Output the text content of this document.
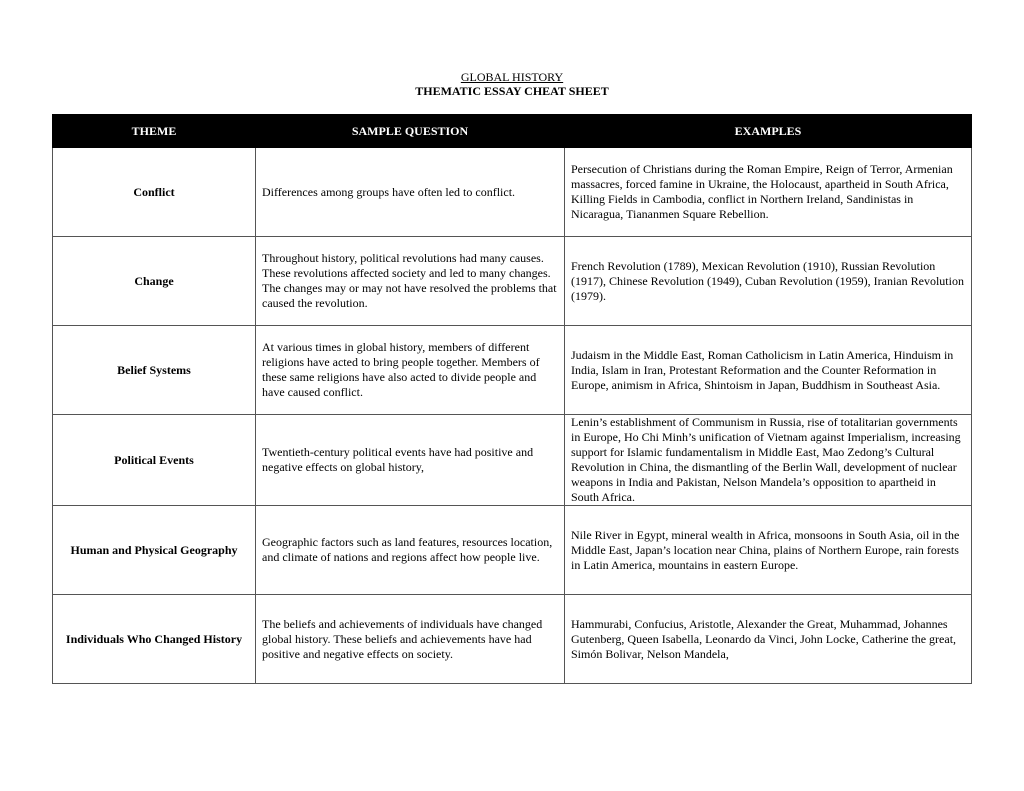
GLOBAL HISTORY
THEMATIC ESSAY CHEAT SHEET
THEME	SAMPLE QUESTION	EXAMPLES
Conflict	Differences among groups have often led to conflict.	Persecution of Christians during the Roman Empire, Reign of Terror, Armenian massacres, forced famine in Ukraine, the Holocaust, apartheid in South Africa, Killing Fields in Cambodia, conflict in Northern Ireland, Sandinistas in Nicaragua, Tiananmen Square Rebellion.
Change	Throughout history, political revolutions had many causes. These revolutions affected society and led to many changes. The changes may or may not have resolved the problems that caused the revolution.	French Revolution (1789), Mexican Revolution (1910), Russian Revolution (1917), Chinese Revolution (1949), Cuban Revolution (1959), Iranian Revolution (1979).
Belief Systems	At various times in global history, members of different religions have acted to bring people together. Members of these same religions have also acted to divide people and have caused conflict.	Judaism in the Middle East, Roman Catholicism in Latin America, Hinduism in India, Islam in Iran, Protestant Reformation and the Counter Reformation in Europe, animism in Africa, Shintoism in Japan, Buddhism in Southeast Asia.
Political Events	Twentieth-century political events have had positive and negative effects on global history,	Lenin’s establishment of Communism in Russia, rise of totalitarian governments in Europe, Ho Chi Minh’s unification of Vietnam against Imperialism, increasing support for Islamic fundamentalism in Middle East, Mao Zedong’s Cultural Revolution in China, the dismantling of the Berlin Wall, development of nuclear weapons in India and Pakistan, Nelson Mandela’s opposition to apartheid in South Africa.
Human and Physical Geography	Geographic factors such as land features, resources location, and climate of nations and regions affect how people live.	Nile River in Egypt, mineral wealth in Africa, monsoons in South Asia, oil in the Middle East, Japan’s location near China, plains of Northern Europe, rain forests in Latin America, mountains in eastern Europe.
Individuals Who Changed History	The beliefs and achievements of individuals have changed global history. These beliefs and achievements have had positive and negative effects on society.	Hammurabi, Confucius, Aristotle, Alexander the Great, Muhammad, Johannes Gutenberg, Queen Isabella, Leonardo da Vinci, John Locke, Catherine the great, Simón Bolivar, Nelson Mandela,
